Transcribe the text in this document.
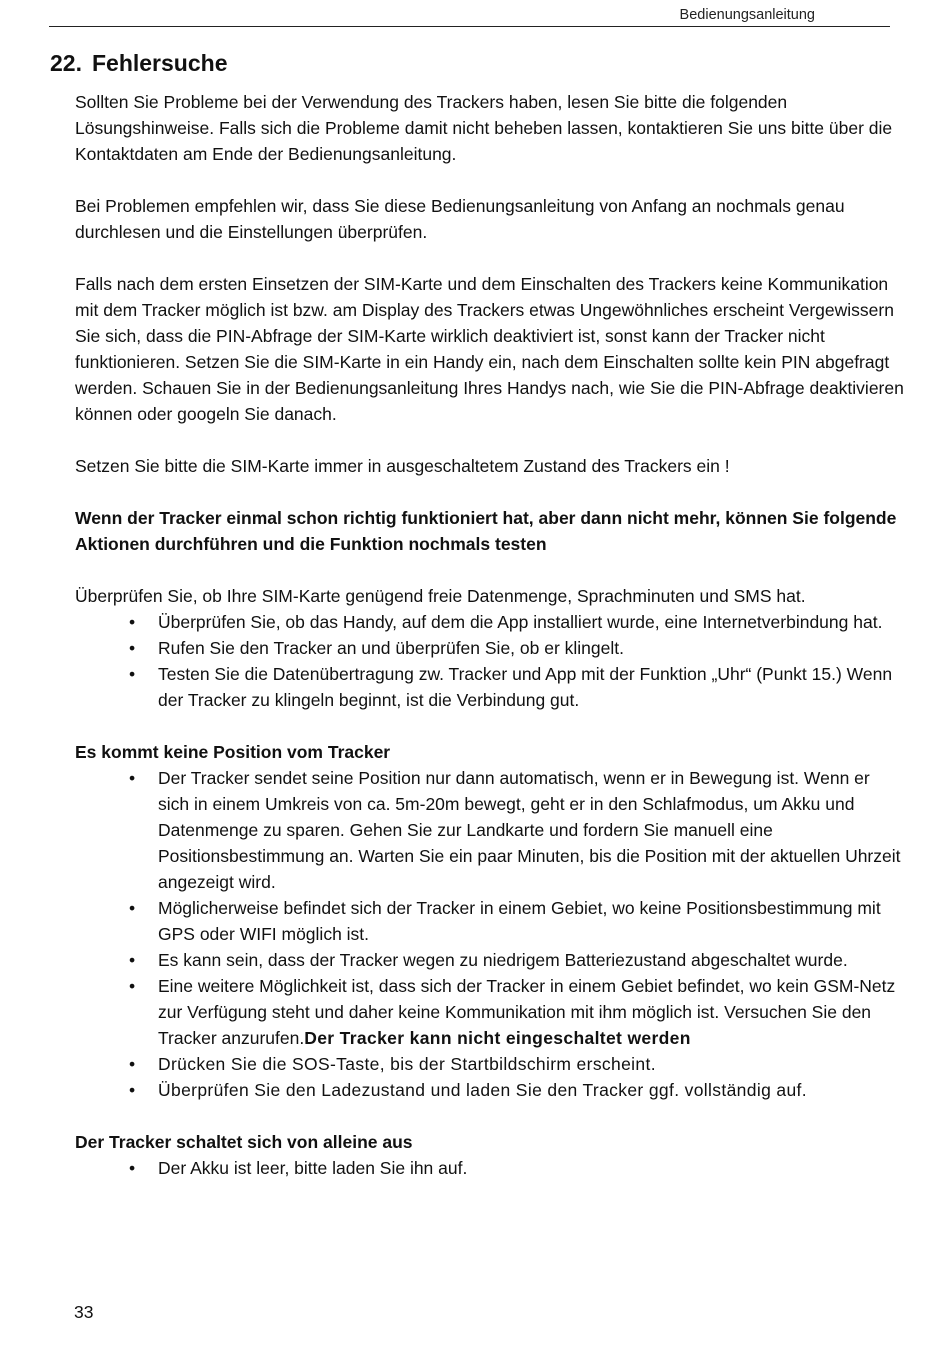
Bedienungsanleitung
22. Fehlersuche

Sollten Sie Probleme bei der Verwendung des Trackers haben, lesen Sie bitte die folgenden Lösungshinweise. Falls sich die Probleme damit nicht beheben lassen, kontaktieren Sie uns bitte über die Kontaktdaten am Ende der Bedienungsanleitung.

Bei Problemen empfehlen wir, dass Sie diese Bedienungsanleitung von Anfang an nochmals genau durchlesen und die Einstellungen überprüfen.

Falls nach dem ersten Einsetzen der SIM-Karte und dem Einschalten des Trackers keine Kommunikation mit dem Tracker möglich ist bzw. am Display des Trackers etwas Ungewöhnliches erscheint Vergewissern Sie sich, dass die PIN-Abfrage der SIM-Karte wirklich deaktiviert ist, sonst kann der Tracker nicht funktionieren. Setzen Sie die SIM-Karte in ein Handy ein, nach dem Einschalten sollte kein PIN abgefragt werden. Schauen Sie in der Bedienungsanleitung Ihres Handys nach, wie Sie die PIN-Abfrage deaktivieren können oder googeln Sie danach.

Setzen Sie bitte die SIM-Karte immer in ausgeschaltetem Zustand des Trackers ein !

Wenn der Tracker einmal schon richtig funktioniert hat, aber dann nicht mehr, können Sie folgende Aktionen durchführen und die Funktion nochmals testen

Überprüfen Sie, ob Ihre SIM-Karte genügend freie Datenmenge, Sprachminuten und SMS hat.

• Überprüfen Sie, ob das Handy, auf dem die App installiert wurde, eine Internetverbindung hat.
• Rufen Sie den Tracker an und überprüfen Sie, ob er klingelt.
• Testen Sie die Datenübertragung zw. Tracker und App mit der Funktion „Uhr“ (Punkt 15.) Wenn der Tracker zu klingeln beginnt, ist die Verbindung gut.

Es kommt keine Position vom Tracker

• Der Tracker sendet seine Position nur dann automatisch, wenn er in Bewegung ist. Wenn er sich in einem Umkreis von ca. 5m-20m bewegt, geht er in den Schlafmodus, um Akku und Datenmenge zu sparen. Gehen Sie zur Landkarte und fordern Sie manuell eine Positionsbestimmung an. Warten Sie ein paar Minuten, bis die Position mit der aktuellen Uhrzeit angezeigt wird.
• Möglicherweise befindet sich der Tracker in einem Gebiet, wo keine Positionsbestimmung mit GPS oder WIFI möglich ist.
• Es kann sein, dass der Tracker wegen zu niedrigem Batteriezustand abgeschaltet wurde.
• Eine weitere Möglichkeit ist, dass sich der Tracker in einem Gebiet befindet, wo kein GSM-Netz zur Verfügung steht und daher keine Kommunikation mit ihm möglich ist. Versuchen Sie den Tracker anzurufen.Der Tracker kann nicht eingeschaltet werden
• Drücken Sie die SOS-Taste, bis der Startbildschirm erscheint.
• Überprüfen Sie den Ladezustand und laden Sie den Tracker ggf. vollständig auf.

Der Tracker schaltet sich von alleine aus

• Der Akku ist leer, bitte laden Sie ihn auf.
33
